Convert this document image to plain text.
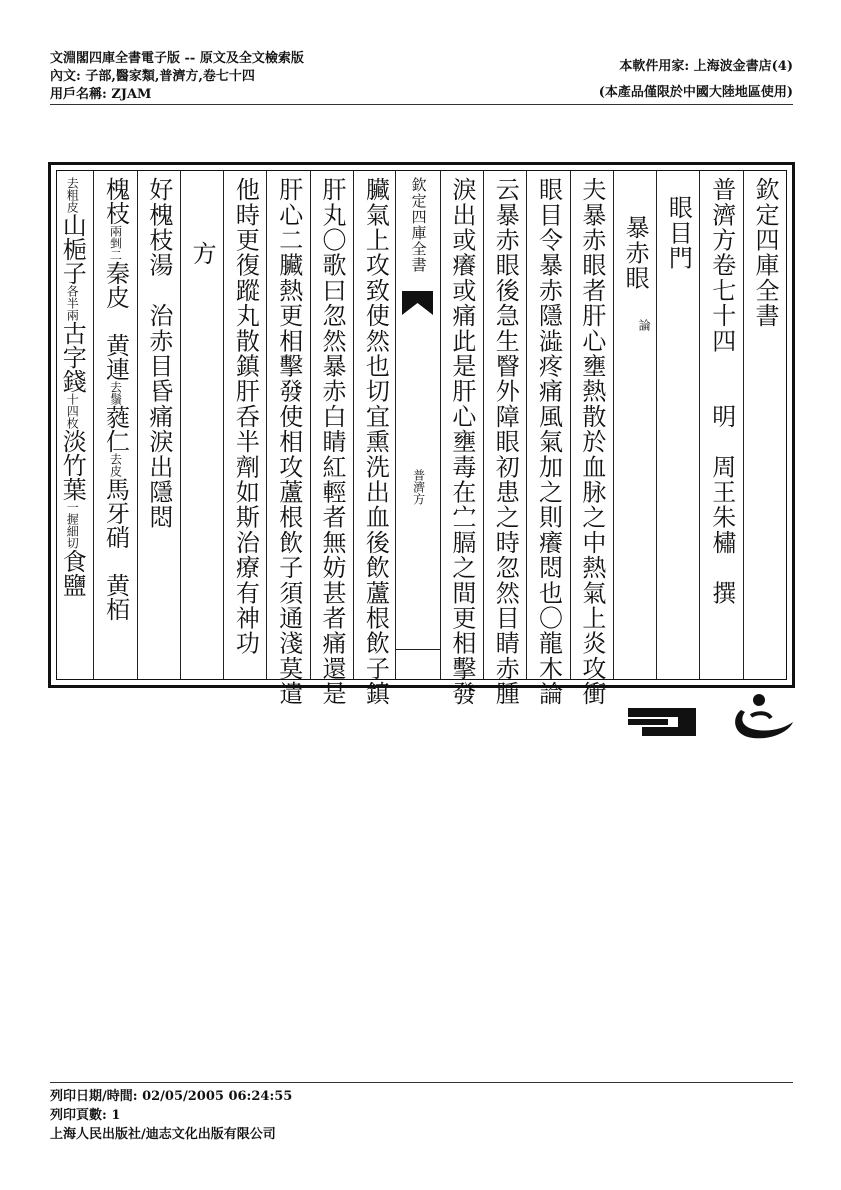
文淵閣四庫全書電子版 -- 原文及全文檢索版
內文: 子部,醫家類,普濟方,卷七十四
用戶名稱: ZJAM
本軟件用家: 上海波金書店(4)
(本產品僅限於中國大陸地區使用)
欽定四庫全書
普濟方卷七十四　　明　周王朱橚　撰
眼目門
暴赤眼
論
夫暴赤眼者肝心壅熱散於血脉之中熱氣上炎攻衝
眼目令暴赤隱澁疼痛風氣加之則癢悶也〇龍木論
云暴赤眼後急生瞖外障眼初患之時忽然目睛赤腫
淚出或癢或痛此是肝心壅毒在㝉膈之間更相擊發
欽定四庫全書
普濟方
臟氣上攻致使然也切宜熏洗出血後飲蘆根飲子鎮
肝丸〇歌曰忽然暴赤白睛紅輕者無妨甚者痛還是
肝心二臟熱更相擊發使相攻蘆根飲子須通淺莫遣
他時更復蹤丸散鎮肝呑半劑如斯治療有神功
方
好槐枝湯　治赤目昏痛淚出隱悶
槐枝兩剉二秦皮　黄連去鬚蕤仁去皮馬牙硝　黄栢
去粗皮山梔子各半兩古字錢十四枚淡竹葉一握細切食鹽
列印日期/時間: 02/05/2005 06:24:55
列印頁數: 1
上海人民出版社/迪志文化出版有限公司
